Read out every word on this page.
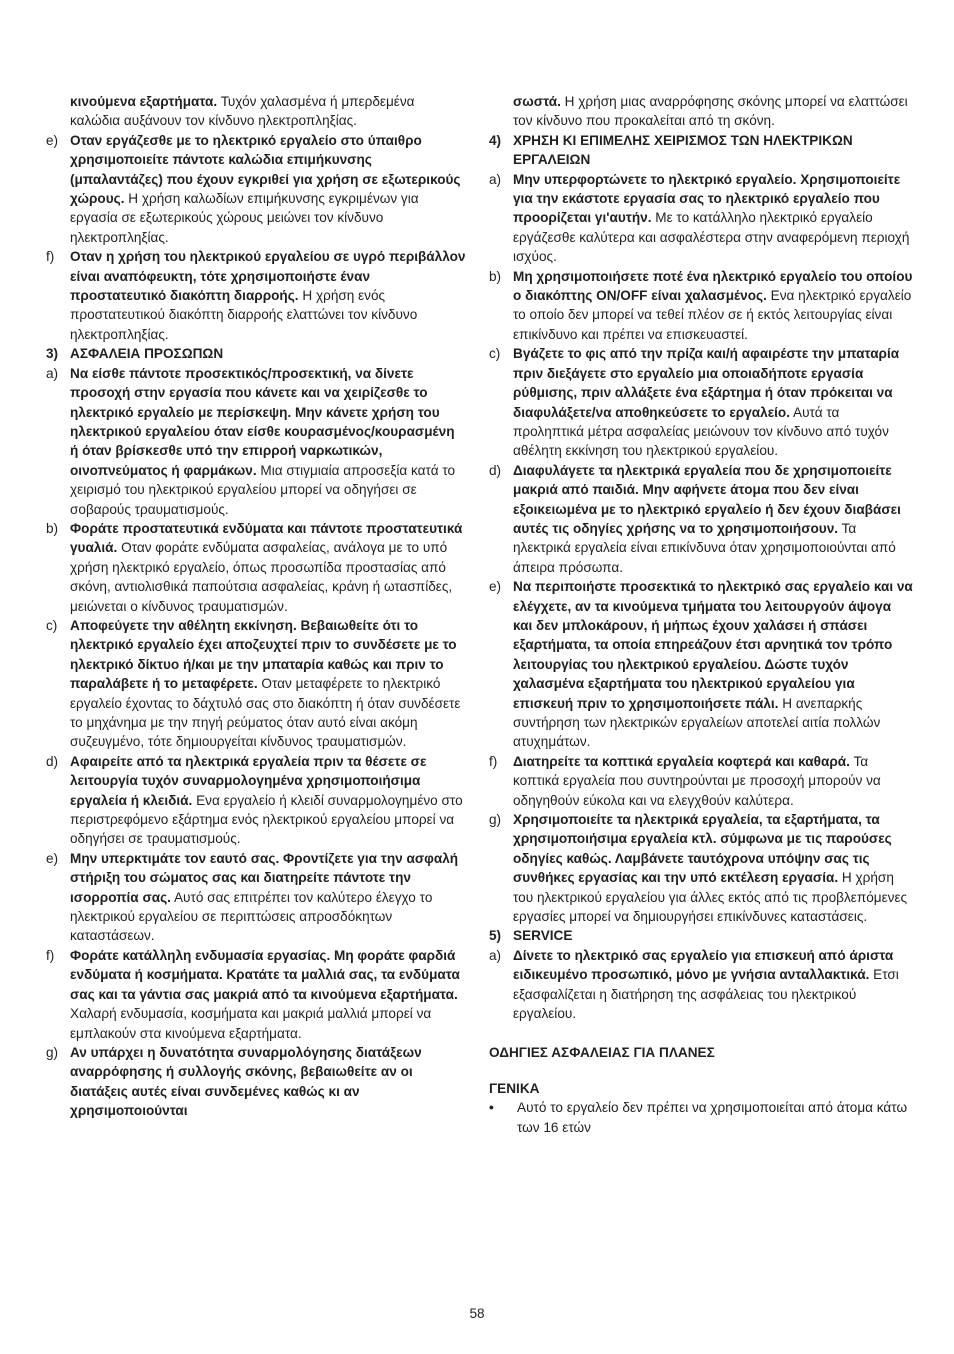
κινούμενα εξαρτήματα. Τυχόν χαλασμένα ή μπερδεμένα καλώδια αυξάνουν τον κίνδυνο ηλεκτροπληξίας.
e) Οταν εργάζεσθε με το ηλεκτρικό εργαλείο στο ύπαιθρο χρησιμοποιείτε πάντοτε καλώδια επιμήκυνσης (μπαλαντάζες) που έχουν εγκριθεί για χρήση σε εξωτερικούς χώρους. Η χρήση καλωδίων επιμήκυνσης εγκριμένων για εργασία σε εξωτερικούς χώρους μειώνει τον κίνδυνο ηλεκτροπληξίας.
f)	Οταν η χρήση του ηλεκτρικού εργαλείου σε υγρό περιβάλλον είναι αναπόφευκτη, τότε χρησιμοποιήστε έναν προστατευτικό διακόπτη διαρροής. Η χρήση ενός προστατευτικού διακόπτη διαρροής ελαττώνει τον κίνδυνο ηλεκτροπληξίας.
3) ΑΣΦΑΛΕΙΑ ΠΡΟΣΩΠΩΝ
a) Να είσθε πάντοτε προσεκτικός/προσεκτική, να δίνετε προσοχή στην εργασία που κάνετε και να χειρίζεσθε το ηλεκτρικό εργαλείο με περίσκεψη. Μην κάνετε χρήση του ηλεκτρικού εργαλείου όταν είσθε κουρασμένος/κουρασμένη ή όταν βρίσκεσθε υπό την επιρροή ναρκωτικών, οινοπνεύματος ή φαρμάκων. Μια στιγμιαία απροσεξία κατά το χειρισμό του ηλεκτρικού εργαλείου μπορεί να οδηγήσει σε σοβαρούς τραυματισμούς.
b) Φοράτε προστατευτικά ενδύματα και πάντοτε προστατευτικά γυαλιά. Οταν φοράτε ενδύματα ασφαλείας, ανάλογα με το υπό χρήση ηλεκτρικό εργαλείο, όπως προσωπίδα προστασίας από σκόνη, αντιολισθικά παπούτσια ασφαλείας, κράνη ή ωτασπίδες, μειώνεται ο κίνδυνος τραυματισμών.
c) Αποφεύγετε την αθέλητη εκκίνηση. Βεβαιωθείτε ότι το ηλεκτρικό εργαλείο έχει αποζευχτεί πριν το συνδέσετε με το ηλεκτρικό δίκτυο ή/και με την μπαταρία καθώς και πριν το παραλάβετε ή το μεταφέρετε. Οταν μεταφέρετε το ηλεκτρικό εργαλείο έχοντας το δάχτυλό σας στο διακόπτη ή όταν συνδέσετε το μηχάνημα με την πηγή ρεύματος όταν αυτό είναι ακόμη συζευγμένο, τότε δημιουργείται κίνδυνος τραυματισμών.
d) Αφαιρείτε από τα ηλεκτρικά εργαλεία πριν τα θέσετε σε λειτουργία τυχόν συναρμολογημένα χρησιμοποιήσιμα εργαλεία ή κλειδιά. Ενα εργαλείο ή κλειδί συναρμολογημένο στο περιστρεφόμενο εξάρτημα ενός ηλεκτρικού εργαλείου μπορεί να οδηγήσει σε τραυματισμούς.
e) Μην υπερκτιμάτε τον εαυτό σας. Φροντίζετε για την ασφαλή στήριξη του σώματος σας και διατηρείτε πάντοτε την ισορροπία σας. Αυτό σας επιτρέπει τον καλύτερο έλεγχο το ηλεκτρικού εργαλείου σε περιπτώσεις απροσδόκητων καταστάσεων.
f)	Φοράτε κατάλληλη ενδυμασία εργασίας. Μη φοράτε φαρδιά ενδύματα ή κοσμήματα. Κρατάτε τα μαλλιά σας, τα ενδύματα σας και τα γάντια σας μακριά από τα κινούμενα εξαρτήματα. Χαλαρή ενδυμασία, κοσμήματα και μακριά μαλλιά μπορεί να εμπλακούν στα κινούμενα εξαρτήματα.
g) Αν υπάρχει η δυνατότητα συναρμολόγησης διατάξεων αναρρόφησης ή συλλογής σκόνης, βεβαιωθείτε αν οι διατάξεις αυτές είναι συνδεμένες καθώς κι αν χρησιμοποιούνται
σωστά. Η χρήση μιας αναρρόφησης σκόνης μπορεί να ελαττώσει τον κίνδυνο που προκαλείται από τη σκόνη.
4) ΧΡΗΣΗ ΚΙ ΕΠΙΜΕΛΗΣ ΧΕΙΡΙΣΜΟΣ ΤΩΝ ΗΛΕΚΤΡΙΚΩΝ ΕΡΓΑΛΕΙΩΝ
a) Μην υπερφορτώνετε το ηλεκτρικό εργαλείο. Χρησιμοποιείτε για την εκάστοτε εργασία σας το ηλεκτρικό εργαλείο που προορίζεται γι'αυτήν. Με το κατάλληλο ηλεκτρικό εργαλείο εργάζεσθε καλύτερα και ασφαλέστερα στην αναφερόμενη περιοχή ισχύος.
b) Μη χρησιμοποιήσετε ποτέ ένα ηλεκτρικό εργαλείο του οποίου ο διακόπτης ON/OFF είναι χαλασμένος. Ενα ηλεκτρικό εργαλείο το οποίο δεν μπορεί να τεθεί πλέον σε ή εκτός λειτουργίας είναι επικίνδυνο και πρέπει να επισκευαστεί.
c) Βγάζετε το φις από την πρίζα και/ή αφαιρέστε την μπαταρία πριν διεξάγετε στο εργαλείο μια οποιαδήποτε εργασία ρύθμισης, πριν αλλάξετε ένα εξάρτημα ή όταν πρόκειται να διαφυλάξετε/να αποθηκεύσετε το εργαλείο. Αυτά τα προληπτικά μέτρα ασφαλείας μειώνουν τον κίνδυνο από τυχόν αθέλητη εκκίνηση του ηλεκτρικού εργαλείου.
d) Διαφυλάγετε τα ηλεκτρικά εργαλεία που δε χρησιμοποιείτε μακριά από παιδιά. Μην αφήνετε άτομα που δεν είναι εξοικειωμένα με το ηλεκτρικό εργαλείο ή δεν έχουν διαβάσει αυτές τις οδηγίες χρήσης να το χρησιμοποιήσουν. Τα ηλεκτρικά εργαλεία είναι επικίνδυνα όταν χρησιμοποιούνται από άπειρα πρόσωπα.
e) Να περιποιήστε προσεκτικά το ηλεκτρικό σας εργαλείο και να ελέγχετε, αν τα κινούμενα τμήματα του λειτουργούν άψογα και δεν μπλοκάρουν, ή μήπως έχουν χαλάσει ή σπάσει εξαρτήματα, τα οποία επηρεάζουν έτσι αρνητικά τον τρόπο λειτουργίας του ηλεκτρικού εργαλείου. Δώστε τυχόν χαλασμένα εξαρτήματα του ηλεκτρικού εργαλείου για επισκευή πριν το χρησιμοποιήσετε πάλι. Η ανεπαρκής συντήρηση των ηλεκτρικών εργαλείων αποτελεί αιτία πολλών ατυχημάτων.
f)	Διατηρείτε τα κοπτικά εργαλεία κοφτερά και καθαρά. Τα κοπτικά εργαλεία που συντηρούνται με προσοχή μπορούν να οδηγηθούν εύκολα και να ελεγχθούν καλύτερα.
g) Χρησιμοποιείτε τα ηλεκτρικά εργαλεία, τα εξαρτήματα, τα χρησιμοποιήσιμα εργαλεία κτλ. σύμφωνα με τις παρούσες οδηγίες καθώς. Λαμβάνετε ταυτόχρονα υπόψην σας τις συνθήκες εργασίας και την υπό εκτέλεση εργασία. Η χρήση του ηλεκτρικού εργαλείου για άλλες εκτός από τις προβλεπόμενες εργασίες μπορεί να δημιουργήσει επικίνδυνες καταστάσεις.
5) SERVICE
a) Δίνετε το ηλεκτρικό σας εργαλείο για επισκευή από άριστα ειδικευμένο προσωπικό, μόνο με γνήσια ανταλλακτικά. Ετσι εξασφαλίζεται η διατήρηση της ασφάλειας του ηλεκτρικού εργαλείου.
ΟΔΗΓΙΕΣ ΑΣΦΑΛΕΙΑΣ ΓΙΑ ΠΛΑΝΕΣ
ΓΕΝΙΚΑ
•	Αυτό το εργαλείο δεν πρέπει να χρησιμοποιείται από άτομα κάτω των 16 ετών
58
